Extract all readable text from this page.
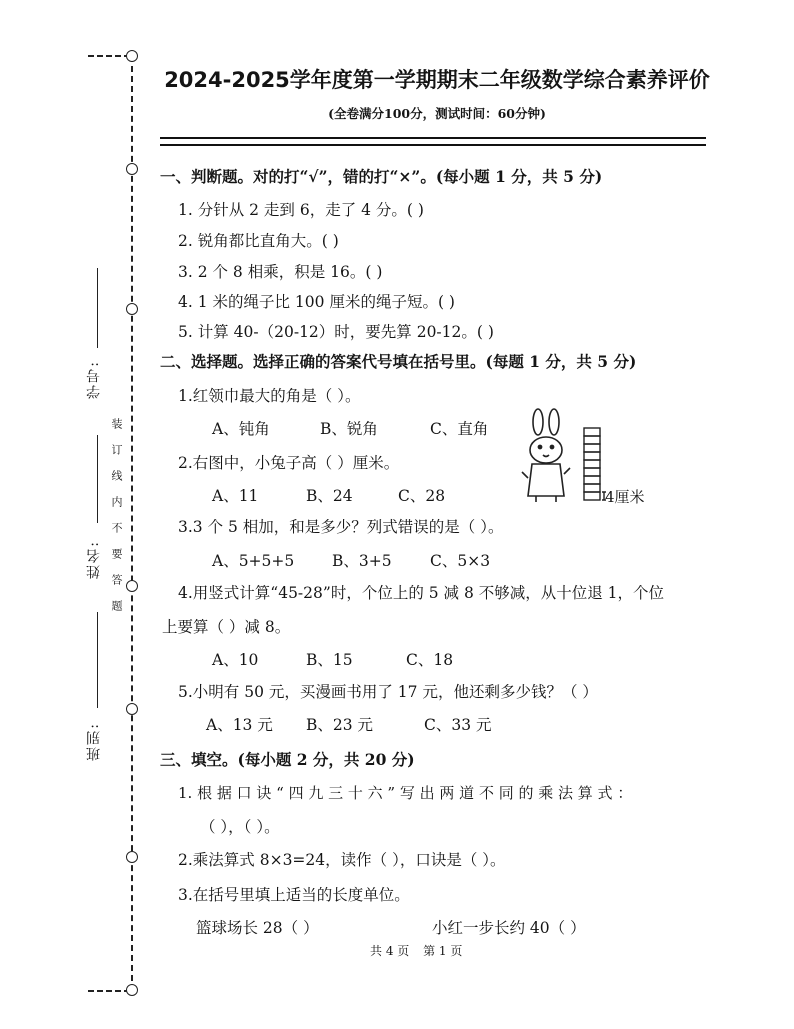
学号:
姓名:
班别:
装订线内不要答题
2024-2025学年度第一学期期末二年级数学综合素养评价
(全卷满分100分，测试时间：60分钟)
一、判断题。对的打“√”，错的打“×”。(每小题 1 分，共 5 分)
1. 分针从 2 走到 6，走了 4 分。( )
2. 锐角都比直角大。( )
3. 2 个 8 相乘，积是 16。( )
4. 1 米的绳子比 100 厘米的绳子短。( )
5. 计算 40-（20-12）时，要先算 20-12。( )
二、选择题。选择正确的答案代号填在括号里。(每题 1 分，共 5 分)
1.红领巾最大的角是（ ）。
A、钝角	B、锐角	C、直角
2.右图中，小兔子高（ ）厘米。
A、11	B、24	C、28	4厘米
3.3 个 5 相加，和是多少？列式错误的是（ ）。
A、5+5+5 B、3+5 C、5×3
4.用竖式计算“45-28”时，个位上的 5 减 8 不够减，从十位退 1，个位
上要算（ ）减 8。
A、10	B、15	C、18
5.小明有 50 元，买漫画书用了 17 元，他还剩多少钱？（ ）
A、13 元 B、23 元	C、33 元
三、填空。(每小题 2 分，共 20 分)
1. 根 据 口 诀 “ 四 九 三 十 六 ” 写 出 两 道 不 同 的 乘 法 算 式 ：
（ ），（ ）。
2.乘法算式 8×3=24，读作（ ），口诀是（ ）。
3.在括号里填上适当的长度单位。
篮球场长 28（ ）	小红一步长约 40（ ）
共 4 页 第 1 页
